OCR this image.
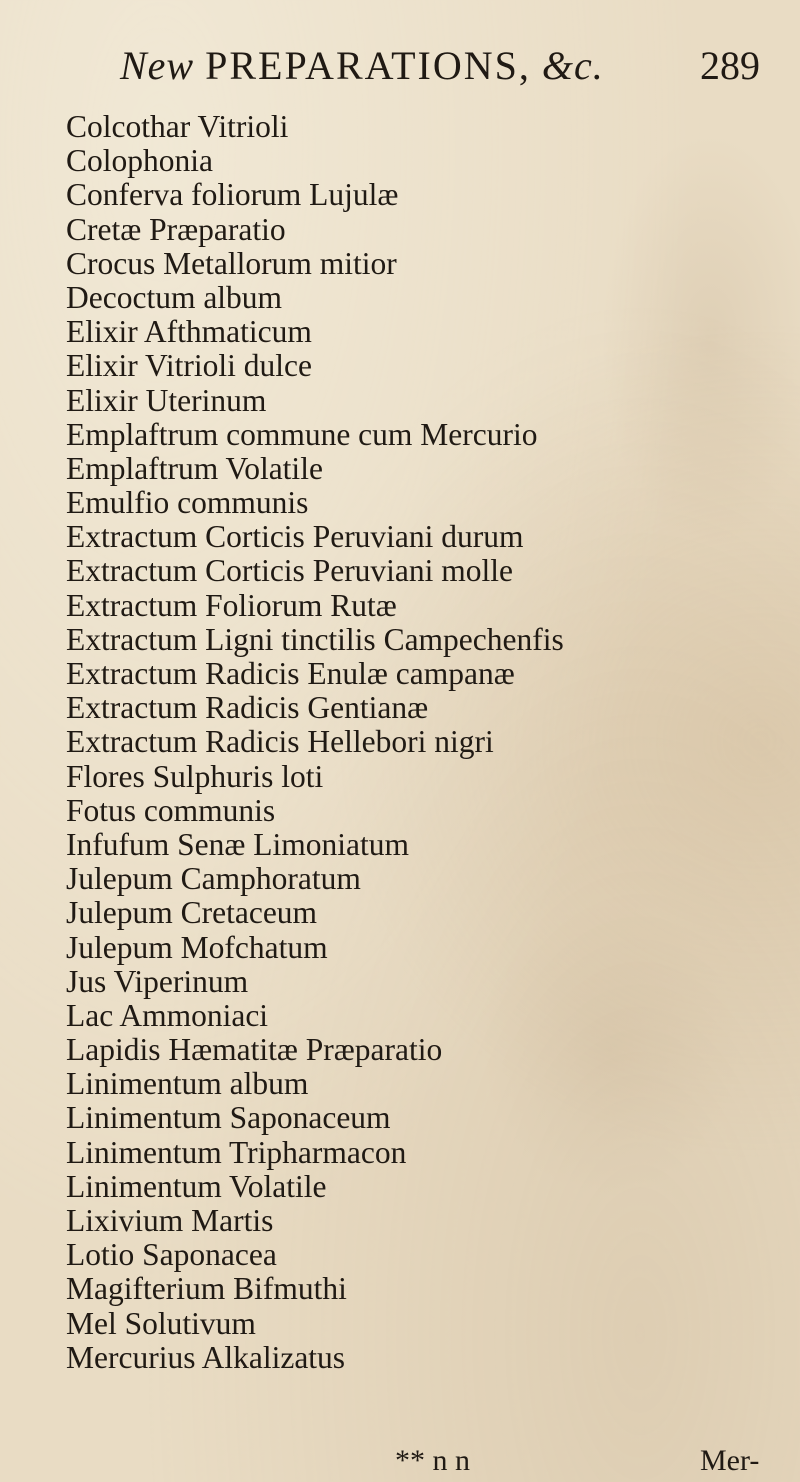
New PREPARATIONS, &c. 289
Colcothar Vitrioli
Colophonia
Conferva foliorum Lujulæ
Cretæ Præparatio
Crocus Metallorum mitior
Decoctum album
Elixir Afthmaticum
Elixir Vitrioli dulce
Elixir Uterinum
Emplaftrum commune cum Mercurio
Emplaftrum Volatile
Emulfio communis
Extractum Corticis Peruviani durum
Extractum Corticis Peruviani molle
Extractum Foliorum Rutæ
Extractum Ligni tinctilis Campechenfis
Extractum Radicis Enulæ campanæ
Extractum Radicis Gentianæ
Extractum Radicis Hellebori nigri
Flores Sulphuris loti
Fotus communis
Infufum Senæ Limoniatum
Julepum Camphoratum
Julepum Cretaceum
Julepum Mofchatum
Jus Viperinum
Lac Ammoniaci
Lapidis Hæmatitæ Præparatio
Linimentum album
Linimentum Saponaceum
Linimentum Tripharmacon
Linimentum Volatile
Lixivium Martis
Lotio Saponacea
Magifterium Bifmuthi
Mel Solutivum
Mercurius Alkalizatus
** n n	Mer-
